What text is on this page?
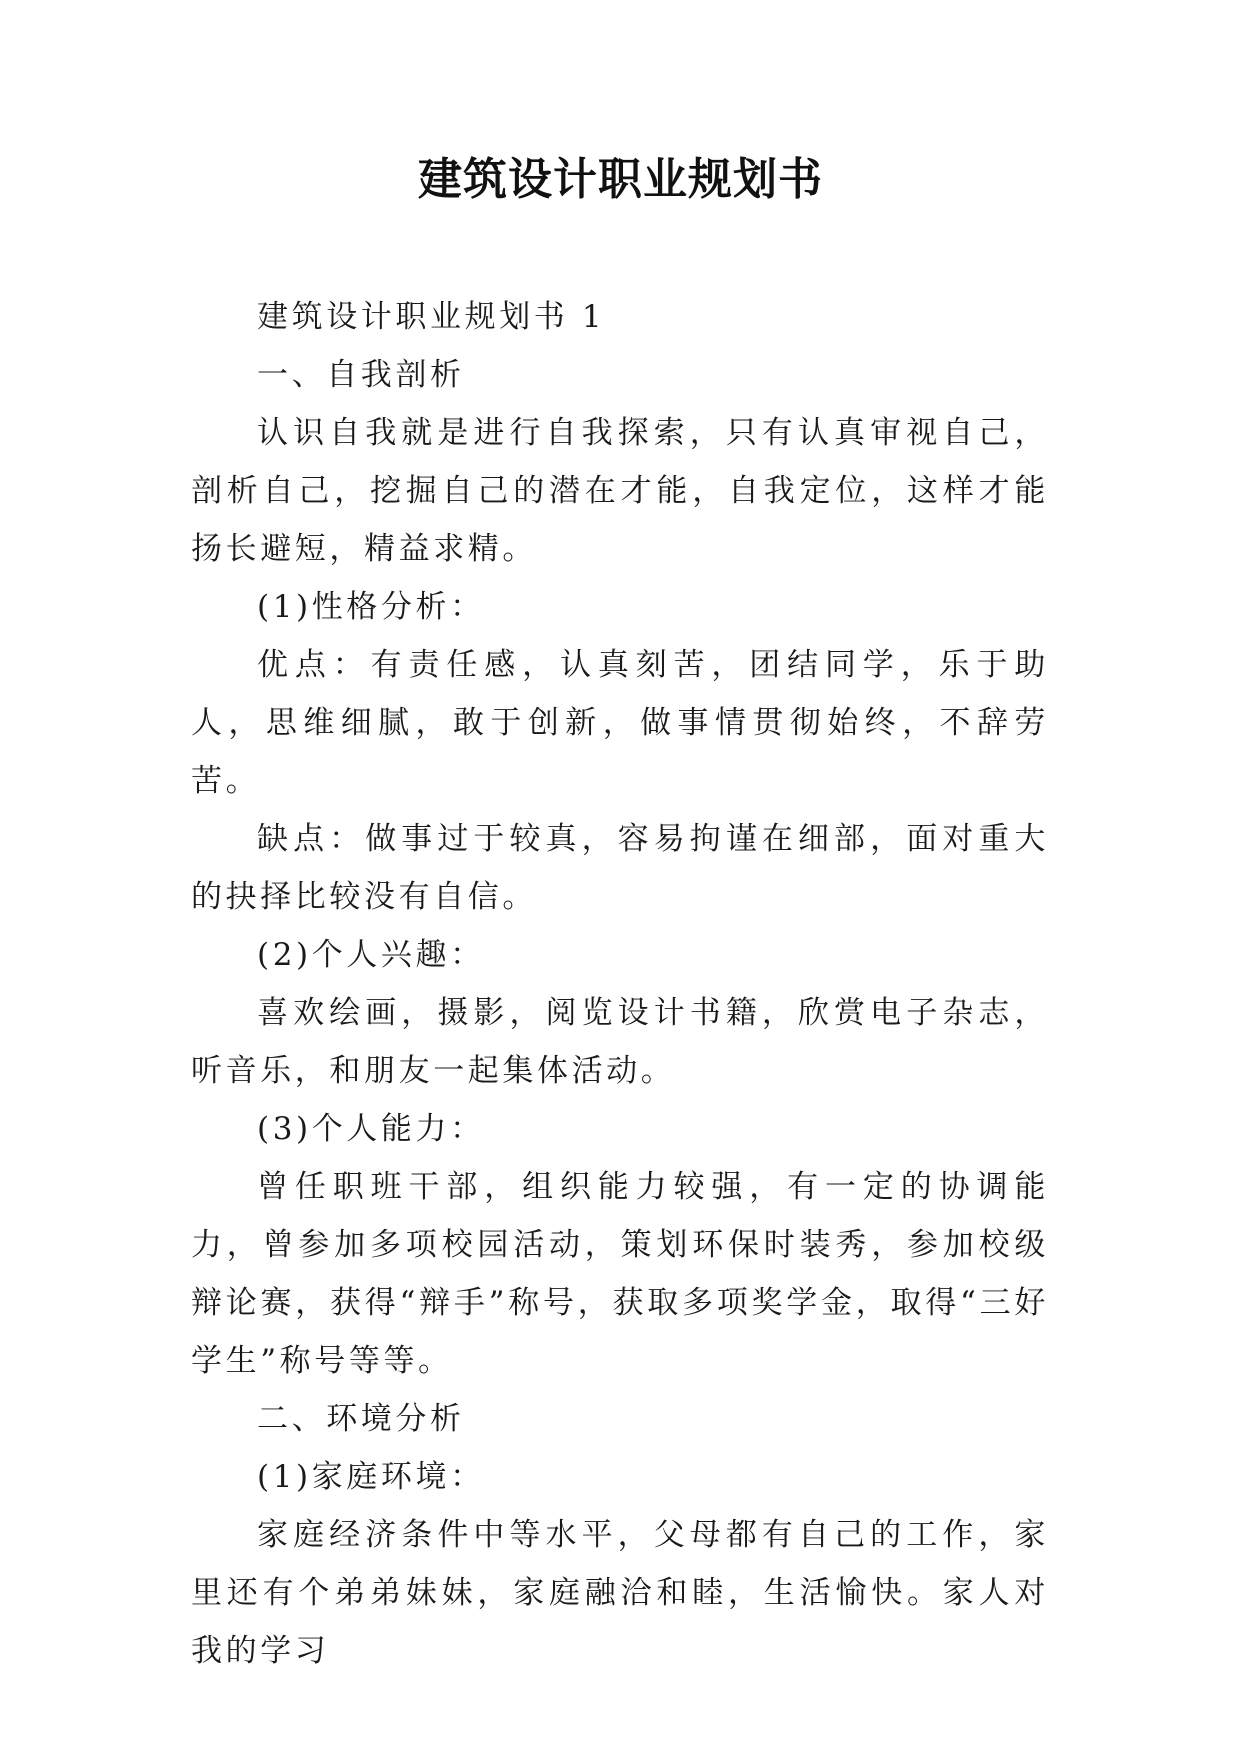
建筑设计职业规划书

建筑设计职业规划书 1

一、自我剖析

认识自我就是进行自我探索，只有认真审视自己，剖析自己，挖掘自己的潜在才能，自我定位，这样才能扬长避短，精益求精。

(1)性格分析：

优点：有责任感，认真刻苦，团结同学，乐于助人，思维细腻，敢于创新，做事情贯彻始终，不辞劳苦。

缺点：做事过于较真，容易拘谨在细部，面对重大的抉择比较没有自信。

(2)个人兴趣：

喜欢绘画，摄影，阅览设计书籍，欣赏电子杂志，听音乐，和朋友一起集体活动。

(3)个人能力：

曾任职班干部，组织能力较强，有一定的协调能力，曾参加多项校园活动，策划环保时装秀，参加校级辩论赛，获得“辩手”称号，获取多项奖学金，取得“三好学生”称号等等。

二、环境分析

(1)家庭环境：

家庭经济条件中等水平，父母都有自己的工作，家里还有个弟弟妹妹，家庭融洽和睦，生活愉快。家人对我的学习
